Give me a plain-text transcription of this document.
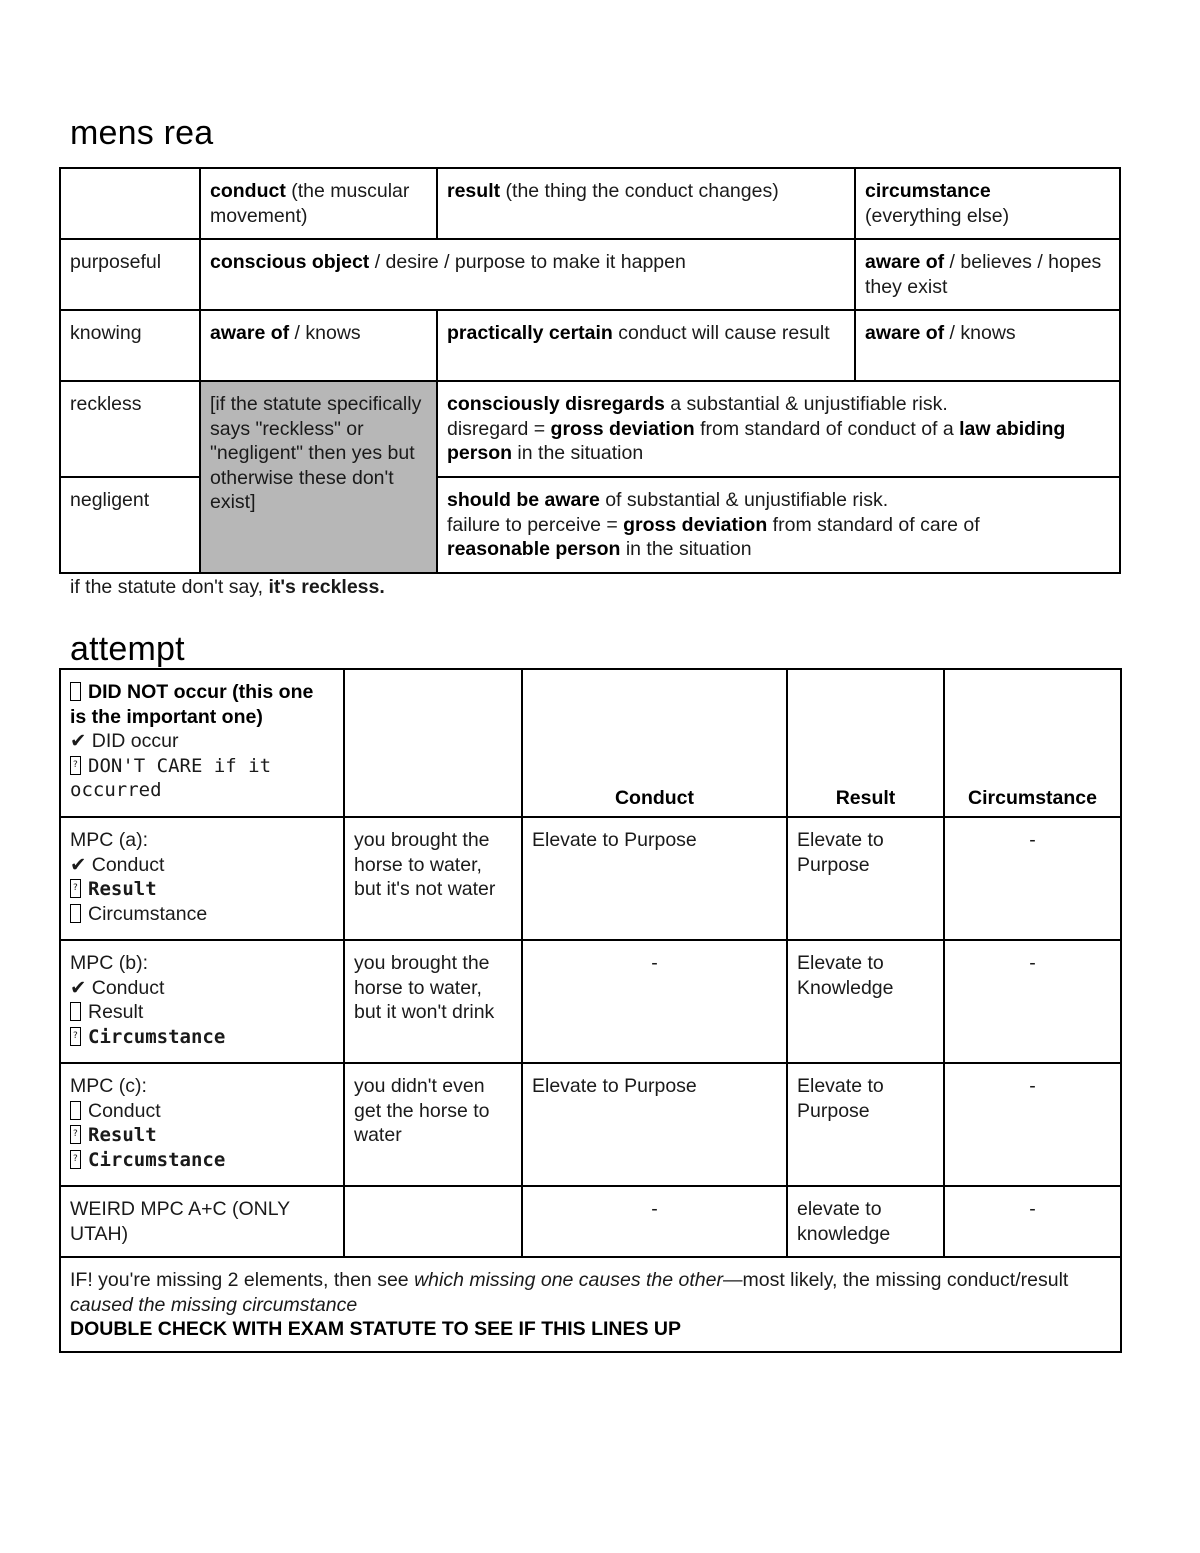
mens rea
	conduct (the muscular movement)	result (the thing the conduct changes)	circumstance
(everything else)
purposeful	conscious object / desire / purpose to make it happen		aware of / believes / hopes they exist
knowing	aware of / knows	practically certain conduct will cause result	aware of / knows
reckless	[if the statute specifically says "reckless" or "negligent" then yes but otherwise these don't exist]	consciously disregards a substantial & unjustifiable risk.
disregard = gross deviation from standard of conduct of a law abiding person in the situation	
negligent		should be aware of substantial & unjustifiable risk.
failure to perceive = gross deviation from standard of care of
reasonable person in the situation	
if the statute don't say, it's reckless.
attempt
DID NOT occur (this one is the important one)
✔ DID occur
?DON'T CARE if it occurred		Conduct	Result	Circumstance

MPC (a):
✔ Conduct
?Result
Circumstance	you brought the horse to water, but it's not water	Elevate to Purpose	Elevate to Purpose	-

MPC (b):
✔ Conduct
Result
?Circumstance	you brought the horse to water, but it won't drink	-	Elevate to Knowledge	-

MPC (c):
Conduct
?Result
?Circumstance	you didn't even get the horse to water	Elevate to Purpose	Elevate to Purpose	-
WEIRD MPC A+C (ONLY UTAH)		-	elevate to knowledge	-
IF! you're missing 2 elements, then see which missing one causes the other—most likely, the missing conduct/result caused the missing circumstance
DOUBLE CHECK WITH EXAM STATUTE TO SEE IF THIS LINES UP				
